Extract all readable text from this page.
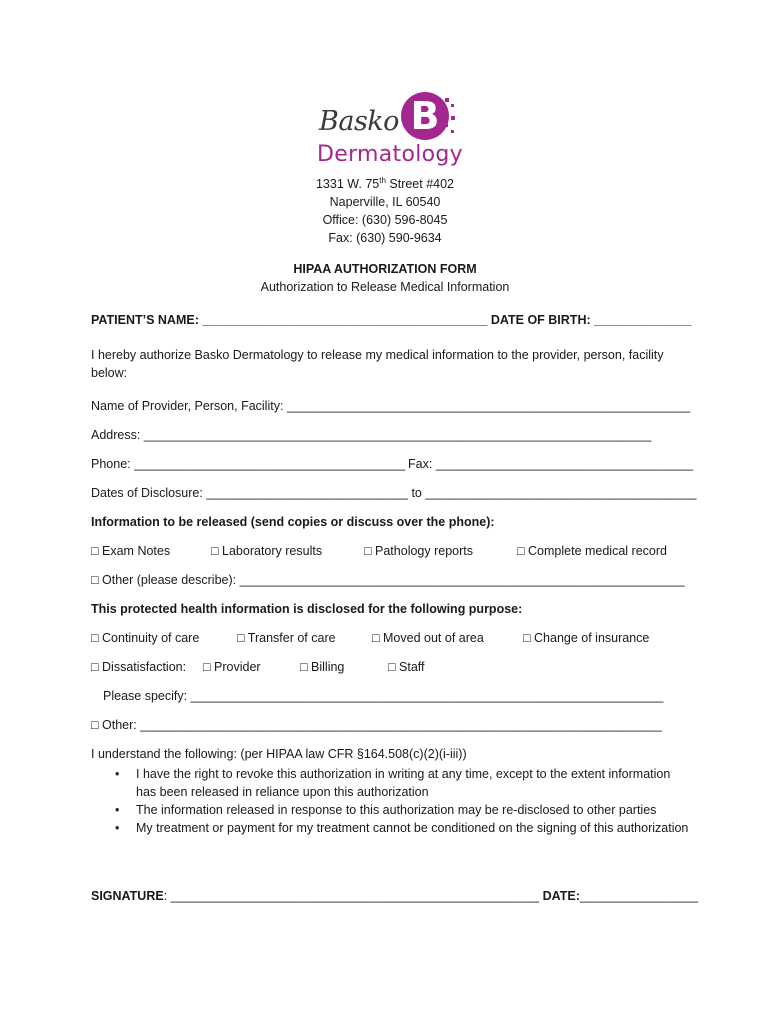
Basko B
Dermatology
1331 W. 75th Street #402
Naperville, IL 60540
Office: (630) 596-8045
Fax: (630) 590-9634
HIPAA AUTHORIZATION FORM
Authorization to Release Medical Information
PATIENT’S NAME: _________________________________________ DATE OF BIRTH: ______________
I hereby authorize Basko Dermatology to release my medical information to the provider, person, facility below:
Name of Provider, Person, Facility: __________________________________________________________
Address: _________________________________________________________________________
Phone: _______________________________________ Fax: _____________________________________
Dates of Disclosure: _____________________________ to _______________________________________
Information to be released (send copies or discuss over the phone):
□ Exam Notes	□ Laboratory results	□ Pathology reports	□ Complete medical record
□ Other (please describe): ________________________________________________________________
This protected health information is disclosed for the following purpose:
□ Continuity of care	□ Transfer of care	□ Moved out of area	□ Change of insurance
□ Dissatisfaction: □ Provider	□ Billing	□ Staff
Please specify: ____________________________________________________________________
□ Other: ___________________________________________________________________________
I understand the following: (per HIPAA law CFR §164.508(c)(2)(i-iii))
• I have the right to revoke this authorization in writing at any time, except to the extent information has been released in reliance upon this authorization
• The information released in response to this authorization may be re-disclosed to other parties
• My treatment or payment for my treatment cannot be conditioned on the signing of this authorization
SIGNATURE: _____________________________________________________ DATE:_________________
